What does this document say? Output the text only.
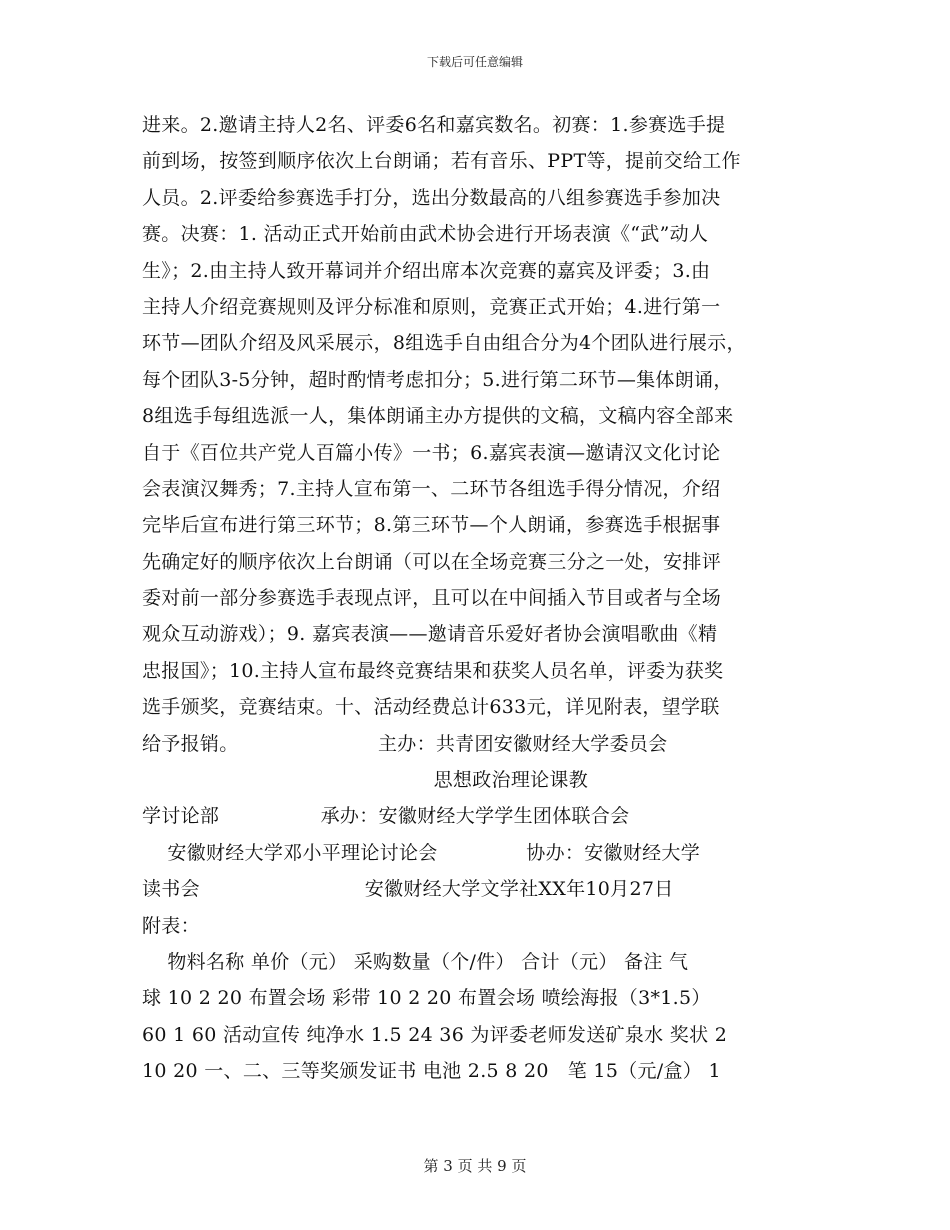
下载后可任意编辑
进来。2.邀请主持人2名、评委6名和嘉宾数名。初赛：1.参赛选手提
前到场，按签到顺序依次上台朗诵；若有音乐、PPT等，提前交给工作
人员。2.评委给参赛选手打分，选出分数最高的八组参赛选手参加决
赛。决赛：1. 活动正式开始前由武术协会进行开场表演《“武”动人
生》；2.由主持人致开幕词并介绍出席本次竞赛的嘉宾及评委；3.由
主持人介绍竞赛规则及评分标准和原则，竞赛正式开始；4.进行第一
环节—团队介绍及风采展示，8组选手自由组合分为4个团队进行展示，
每个团队3-5分钟，超时酌情考虑扣分；5.进行第二环节—集体朗诵，
8组选手每组选派一人，集体朗诵主办方提供的文稿，文稿内容全部来
自于《百位共产党人百篇小传》一书；6.嘉宾表演—邀请汉文化讨论
会表演汉舞秀；7.主持人宣布第一、二环节各组选手得分情况，介绍
完毕后宣布进行第三环节；8.第三环节—个人朗诵，参赛选手根据事
先确定好的顺序依次上台朗诵（可以在全场竞赛三分之一处，安排评
委对前一部分参赛选手表现点评，且可以在中间插入节目或者与全场
观众互动游戏）；9. 嘉宾表演——邀请音乐爱好者协会演唱歌曲《精
忠报国》；10.主持人宣布最终竞赛结果和获奖人员名单，评委为获奖
选手颁奖，竞赛结束。十、活动经费总计633元，详见附表，望学联
给予报销。                      主办：共青团安徽财经大学委员会
思想政治理论课教
学讨论部                承办：安徽财经大学学生团体联合会
安徽财经大学邓小平理论讨论会              协办：安徽财经大学
读书会                          安徽财经大学文学社XX年10月27日
附表：
物料名称 单价（元） 采购数量（个/件） 合计（元） 备注 气
球 10 2 20 布置会场 彩带 10 2 20 布置会场 喷绘海报（3*1.5）
60 1 60 活动宣传 纯净水 1.5 24 36 为评委老师发送矿泉水 奖状 2
10 20 一、二、三等奖颁发证书 电池 2.5 8 20   笔 15（元/盒） 1
第 3 页 共 9 页
